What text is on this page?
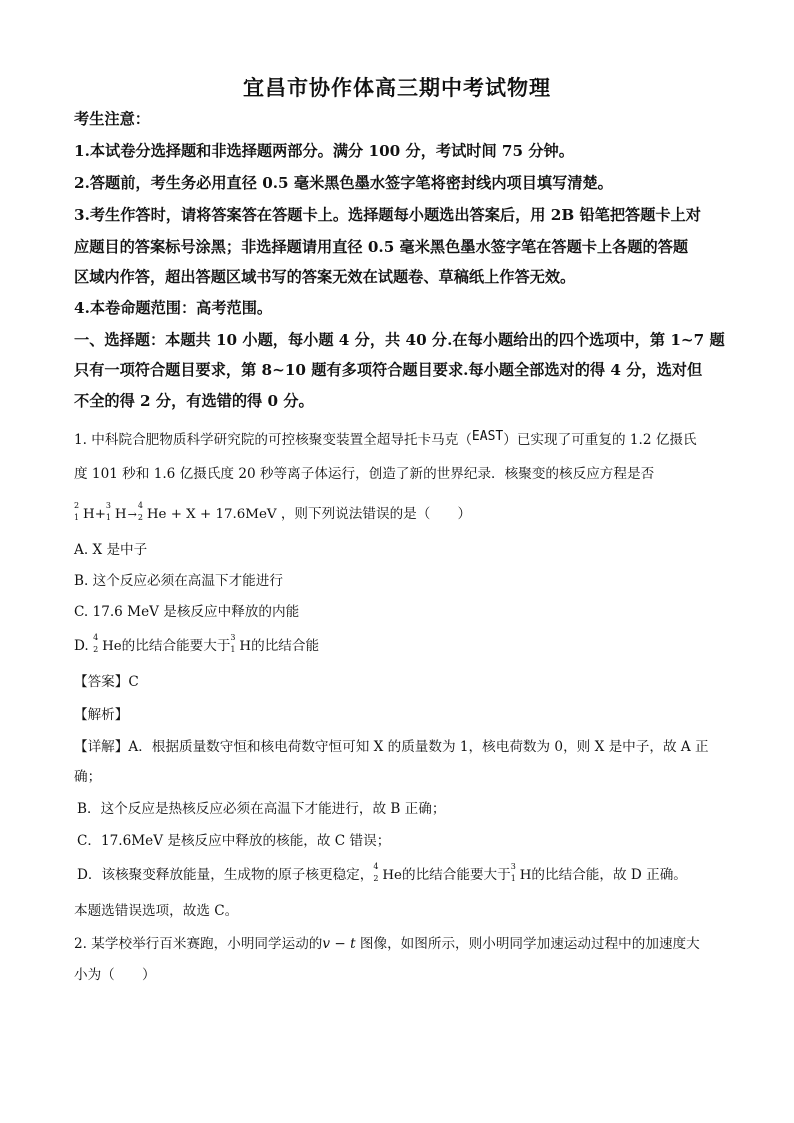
宜昌市协作体高三期中考试物理
考生注意：
1.本试卷分选择题和非选择题两部分。满分 100 分，考试时间 75 分钟。
2.答题前，考生务必用直径 0.5 毫米黑色墨水签字笔将密封线内项目填写清楚。
3.考生作答时，请将答案答在答题卡上。选择题每小题选出答案后，用 2B 铅笔把答题卡上对
应题目的答案标号涂黑；非选择题请用直径 0.5 毫米黑色墨水签字笔在答题卡上各题的答题
区域内作答，超出答题区域书写的答案无效在试题卷、草稿纸上作答无效。
4.本卷命题范围：高考范围。
一、选择题：本题共 10 小题，每小题 4 分，共 40 分.在每小题给出的四个选项中，第 1~7 题
只有一项符合题目要求，第 8~10 题有多项符合题目要求.每小题全部选对的得 4 分，选对但
不全的得 2 分，有选错的得 0 分。
1. 中科院合肥物质科学研究院的可控核聚变装置全超导托卡马克（EAST）已实现了可重复的 1.2 亿摄氏
度 101 秒和 1.6 亿摄氏度 20 秒等离子体运行，创造了新的世界纪录．核聚变的核反应方程是否
2
1 H+
3
1 H→
4
2 He + X + 17.6MeV ，则下列说法错误的是（　　）
A. X 是中子
B. 这个反应必须在高温下才能进行
C. 17.6 MeV 是核反应中释放的内能
D.
4
2 He的比结合能要大于
3
1 H的比结合能
【答案】C
【解析】
【详解】A．根据质量数守恒和核电荷数守恒可知 X 的质量数为 1，核电荷数为 0，则 X 是中子，故 A 正
确；
B．这个反应是热核反应必须在高温下才能进行，故 B 正确；
C．17.6MeV 是核反应中释放的核能，故 C 错误；
D．该核聚变释放能量，生成物的原子核更稳定，
4
2 He的比结合能要大于
3
1 H的比结合能，故 D 正确。
本题选错误选项，故选 C。
2. 某学校举行百米赛跑，小明同学运动的v − t 图像，如图所示，则小明同学加速运动过程中的加速度大
小为（　　）
